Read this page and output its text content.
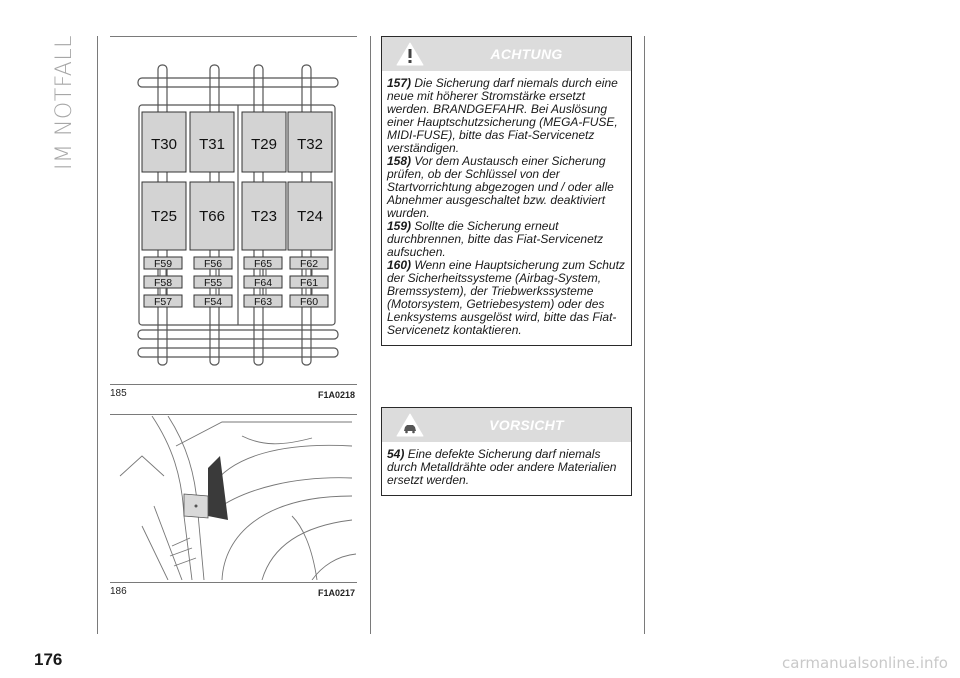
IM NOTFALL
176	carmanualsonline.info
T30 T31 T29 T32
T25 T66 T23 T24
F59	F56	F65	F62
F58	F55	F64	F61
F57	F54	F63	F60
185	F1A0218
186	F1A0217
ACHTUNG

157) Die Sicherung darf niemals durch eine neue mit höherer Stromstärke ersetzt werden. BRANDGEFAHR. Bei Auslösung einer Hauptschutzsicherung (MEGA-FUSE, MIDI-FUSE), bitte das Fiat-Servicenetz verständigen.

158) Vor dem Austausch einer Sicherung prüfen, ob der Schlüssel von der Startvorrichtung abgezogen und / oder alle Abnehmer ausgeschaltet bzw. deaktiviert wurden.

159) Sollte die Sicherung erneut durchbrennen, bitte das Fiat-Servicenetz aufsuchen.

160) Wenn eine Hauptsicherung zum Schutz der Sicherheitssysteme (Airbag-System, Bremssystem), der Triebwerkssysteme (Motorsystem, Getriebesystem) oder des Lenksystems ausgelöst wird, bitte das Fiat-Servicenetz kontaktieren.

VORSICHT

54) Eine defekte Sicherung darf niemals durch Metalldrähte oder andere Materialien ersetzt werden.
